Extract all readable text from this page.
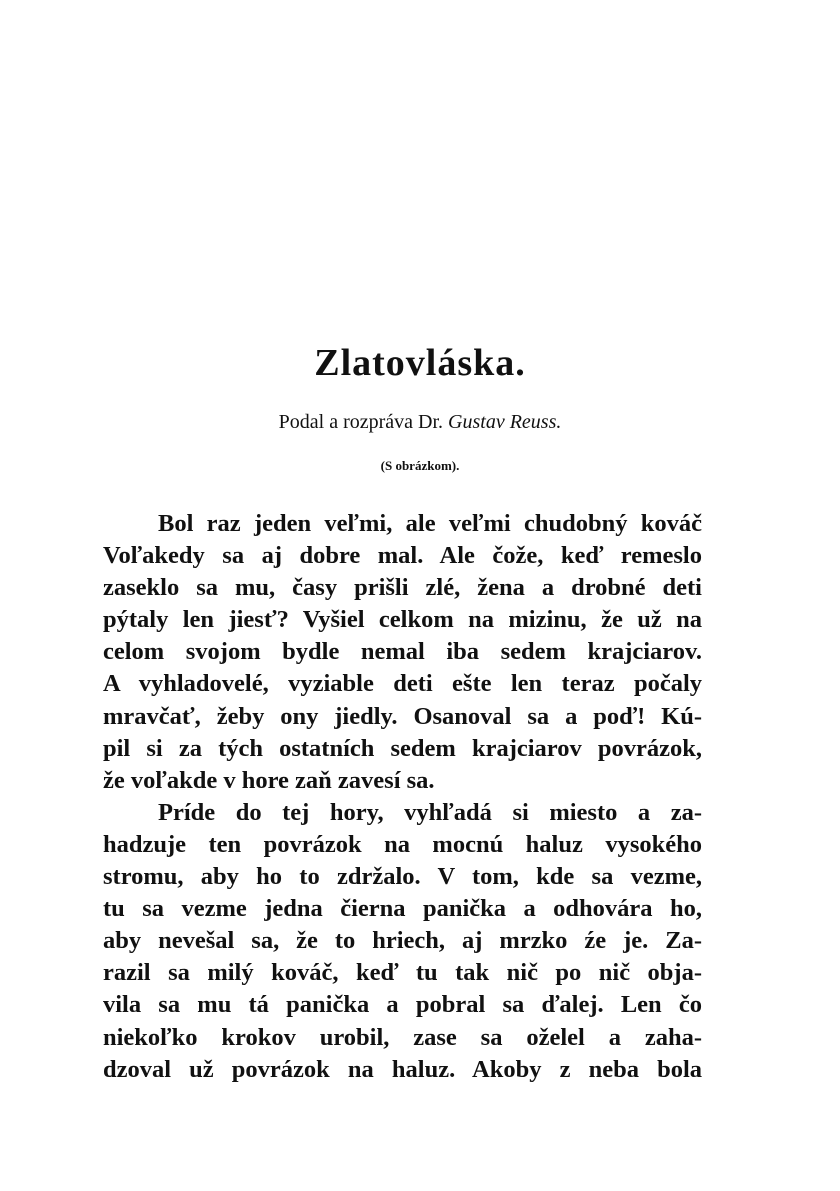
Zlatovláska.
Podal a rozpráva Dr. Gustav Reuss.
(S obrázkom).
Bol raz jeden veľmi, ale veľmi chudobný kováč
Voľakedy sa aj dobre mal. Ale čože, keď remeslo
zaseklo sa mu, časy prišli zlé, žena a drobné deti
pýtaly len jiesť? Vyšiel celkom na mizinu, že už na
celom svojom bydle nemal iba sedem krajciarov.
A vyhladovelé, vyziable deti ešte len teraz počaly
mravčať, žeby ony jiedly. Osanoval sa a poď! Kú-
pil si za tých ostatních sedem krajciarov povrázok,
že voľakde v hore zaň zavesí sa.
Príde do tej hory, vyhľadá si miesto a za-
hadzuje ten povrázok na mocnú haluz vysokého
stromu, aby ho to zdržalo. V tom, kde sa vezme,
tu sa vezme jedna čierna panička a odhovára ho,
aby nevešal sa, že to hriech, aj mrzko źe je. Za-
razil sa milý kováč, keď tu tak nič po nič obja-
vila sa mu tá panička a pobral sa ďalej. Len čo
niekoľko krokov urobil, zase sa oželel a zaha-
dzoval už povrázok na haluz. Akoby z neba bola
